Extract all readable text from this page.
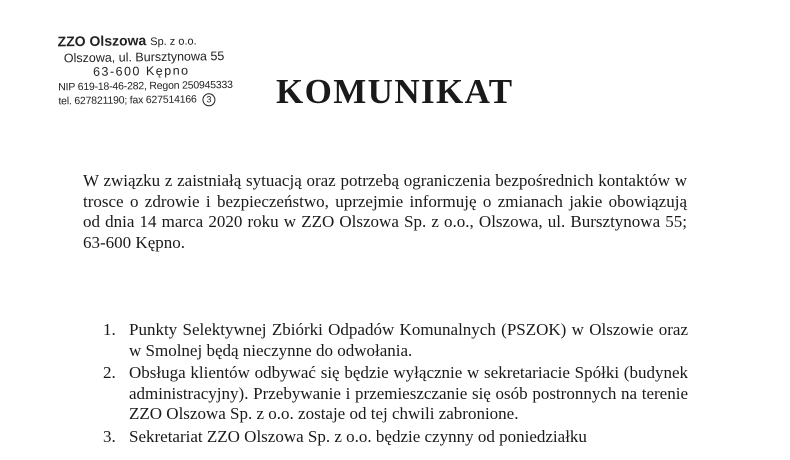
ZZO Olszowa Sp. z o.o.
Olszowa, ul. Bursztynowa 55
63-600 Kępno
NIP 619-18-46-282, Regon 250945333
tel. 627821190; fax 627514166 3	KOMUNIKAT

W związku z zaistniałą sytuacją oraz potrzebą ograniczenia bezpośrednich kontaktów w trosce o zdrowie i bezpieczeństwo, uprzejmie informuję o zmianach jakie obowiązują od dnia 14 marca 2020 roku w ZZO Olszowa Sp. z o.o., Olszowa, ul. Bursztynowa 55; 63-600 Kępno.

1. Punkty Selektywnej Zbiórki Odpadów Komunalnych (PSZOK) w Olszowie oraz w Smolnej będą nieczynne do odwołania.
2. Obsługa klientów odbywać się będzie wyłącznie w sekretariacie Spółki (budynek administracyjny). Przebywanie i przemieszczanie się osób postronnych na terenie ZZO Olszowa Sp. z o.o. zostaje od tej chwili zabronione.
3. Sekretariat ZZO Olszowa Sp. z o.o. będzie czynny od poniedziałku
